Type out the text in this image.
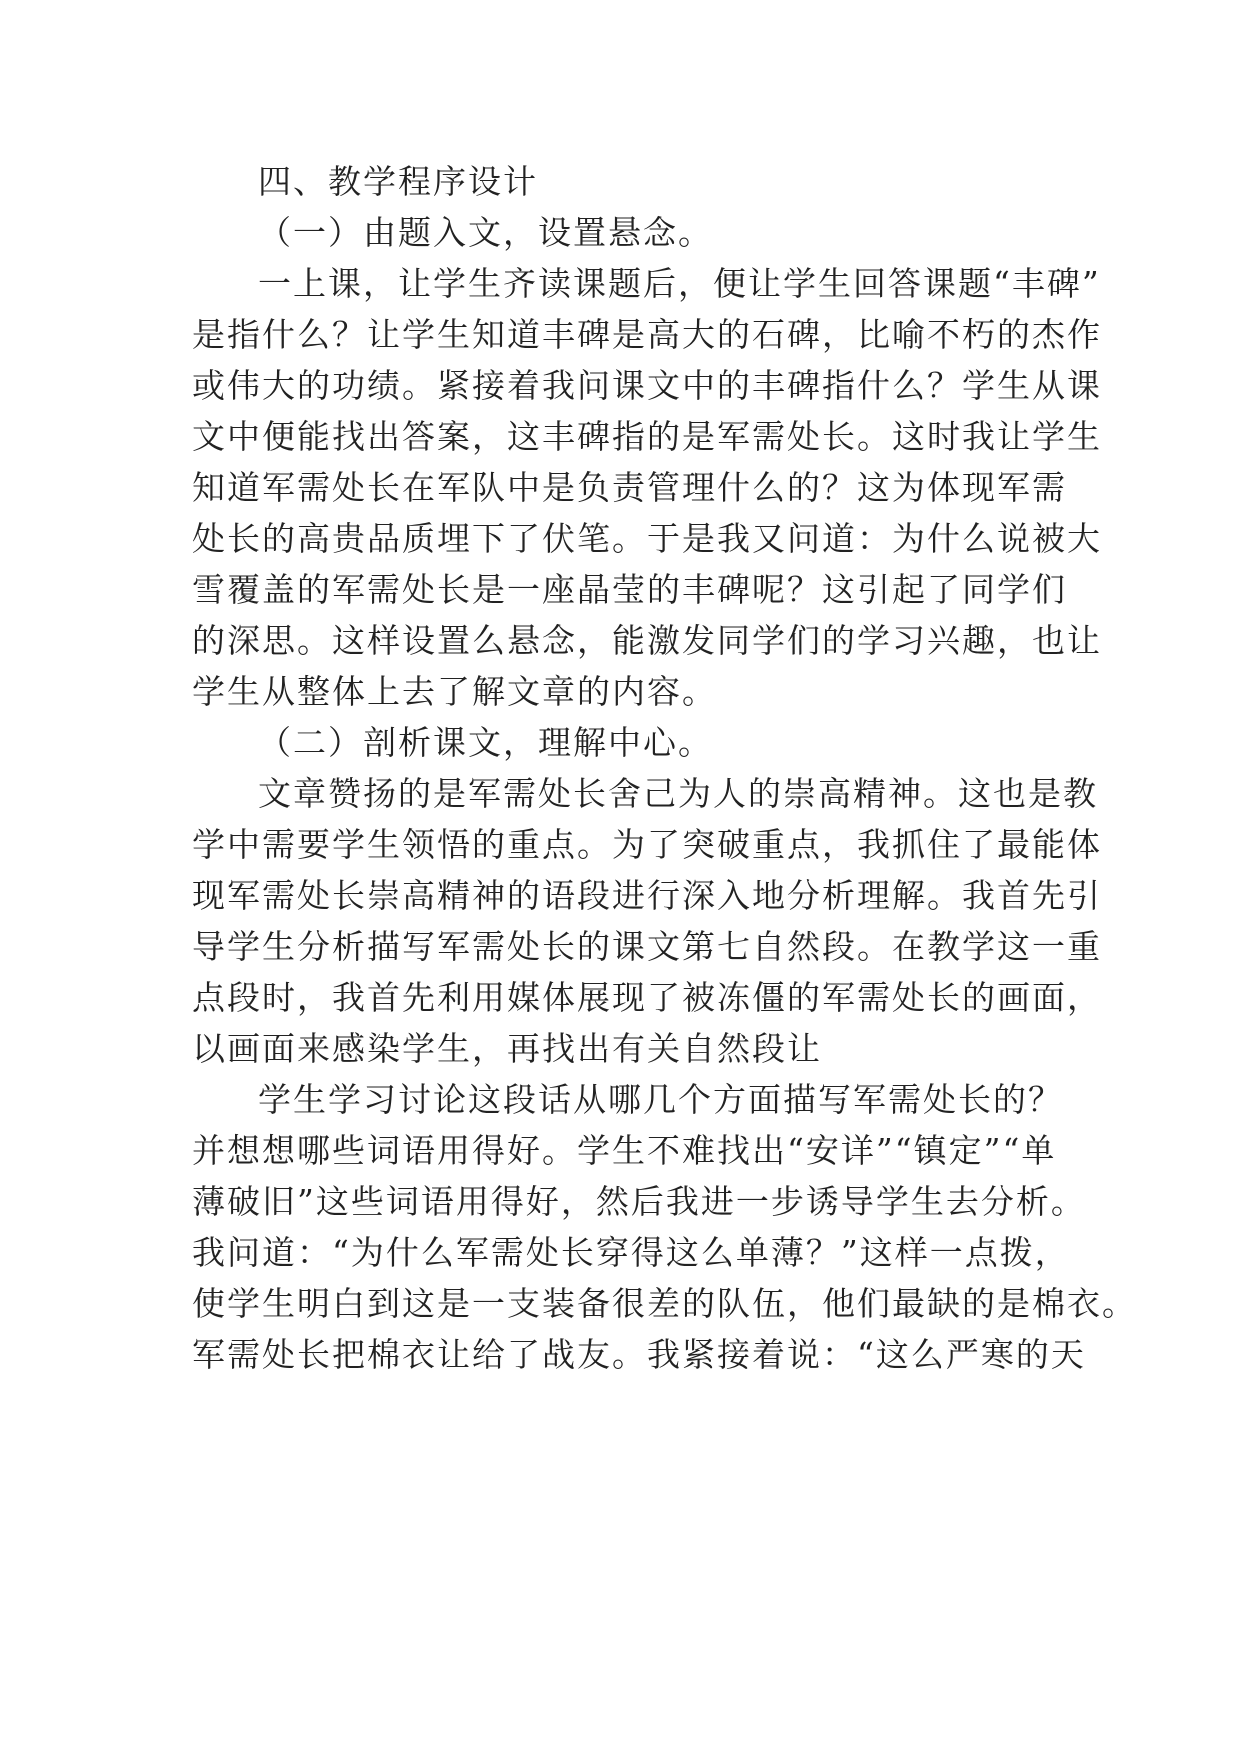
四、教学程序设计
（一）由题入文，设置悬念。
一上课，让学生齐读课题后，便让学生回答课题“丰碑”
是指什么？让学生知道丰碑是高大的石碑，比喻不朽的杰作
或伟大的功绩。紧接着我问课文中的丰碑指什么？学生从课
文中便能找出答案，这丰碑指的是军需处长。这时我让学生
知道军需处长在军队中是负责管理什么的？这为体现军需
处长的高贵品质埋下了伏笔。于是我又问道：为什么说被大
雪覆盖的军需处长是一座晶莹的丰碑呢？这引起了同学们
的深思。这样设置么悬念，能激发同学们的学习兴趣，也让
学生从整体上去了解文章的内容。
（二）剖析课文，理解中心。
文章赞扬的是军需处长舍己为人的崇高精神。这也是教
学中需要学生领悟的重点。为了突破重点，我抓住了最能体
现军需处长崇高精神的语段进行深入地分析理解。我首先引
导学生分析描写军需处长的课文第七自然段。在教学这一重
点段时，我首先利用媒体展现了被冻僵的军需处长的画面，
以画面来感染学生，再找出有关自然段让
学生学习讨论这段话从哪几个方面描写军需处长的？
并想想哪些词语用得好。学生不难找出“安详”“镇定”“单
薄破旧”这些词语用得好，然后我进一步诱导学生去分析。
我问道：“为什么军需处长穿得这么单薄？”这样一点拨，
使学生明白到这是一支装备很差的队伍，他们最缺的是棉衣。
军需处长把棉衣让给了战友。我紧接着说：“这么严寒的天
